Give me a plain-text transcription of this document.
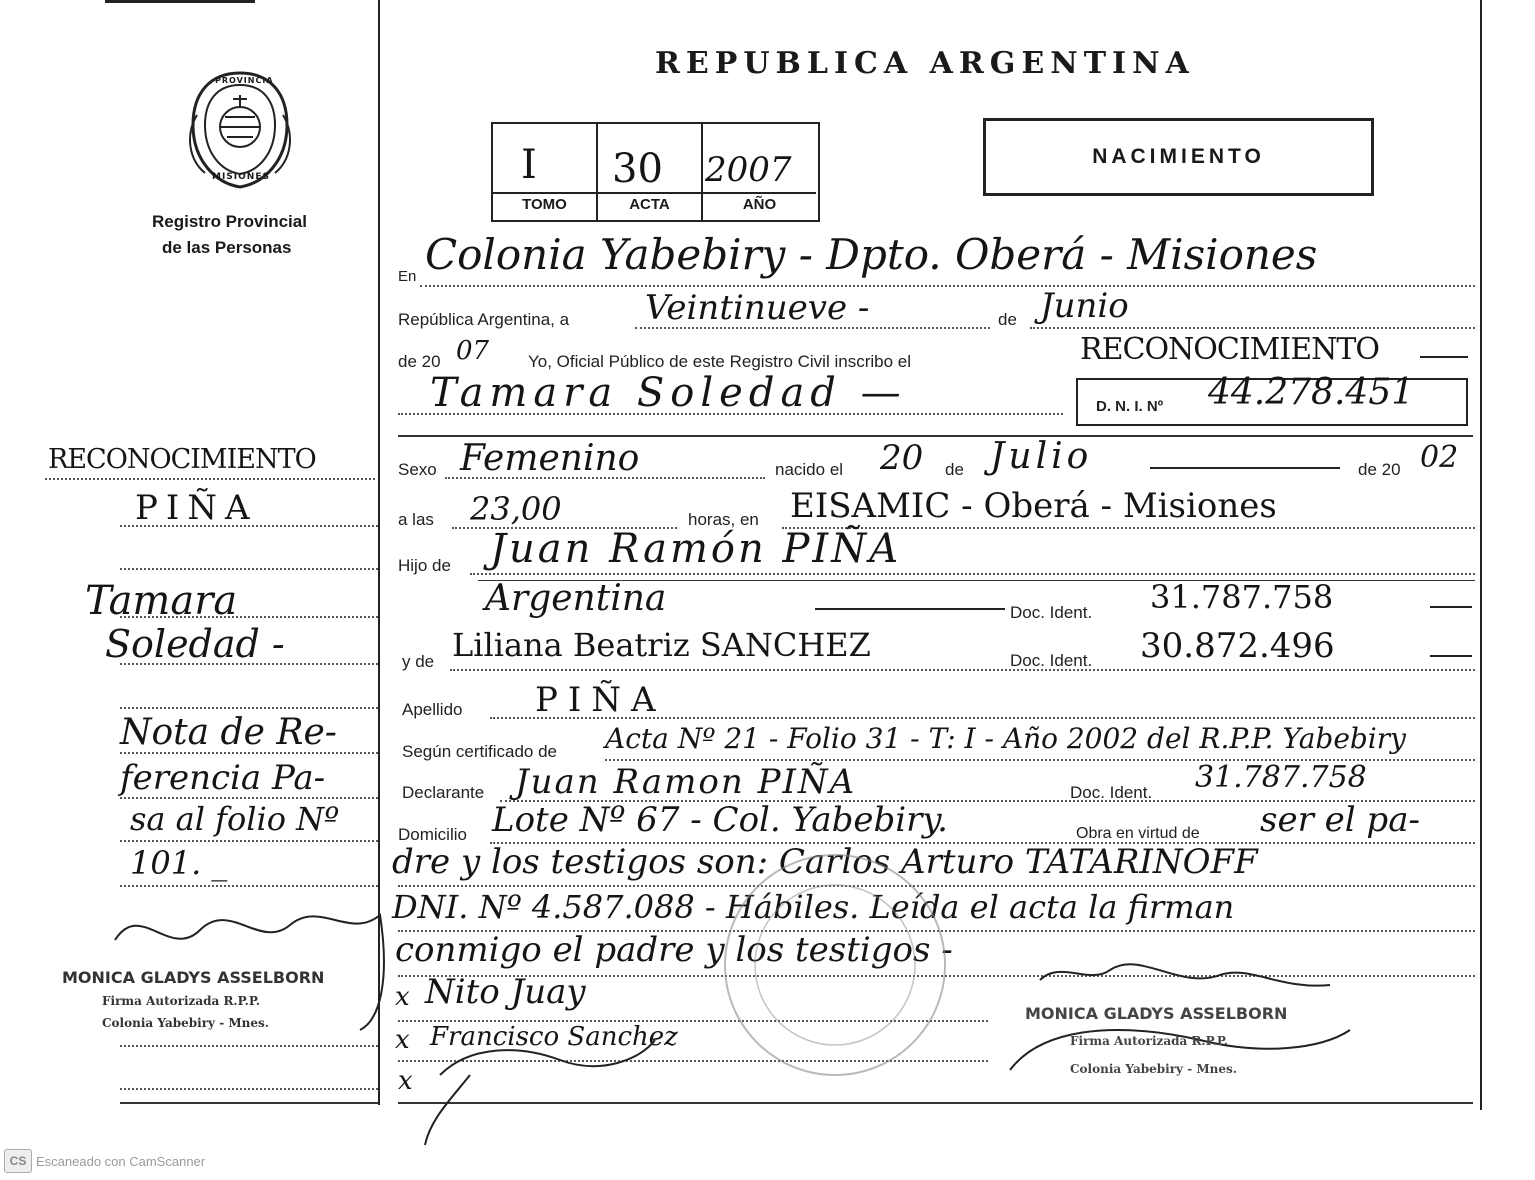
PROVINCIA
MISIONES
Registro Provincial
de las Personas
REPUBLICA ARGENTINA
I
TOMO
30
ACTA
2007
AÑO
NACIMIENTO
En Colonia Yabebiry - Dpto. Oberá - Misiones
República Argentina, a Veintinueve -	de Junio
de 20 07 Yo, Oficial Público de este Registro Civil inscribo el	RECONOCIMIENTO
Tamara Soledad —	D. N. I. Nº 44.278.451
Sexo Femenino	nacido el 20 de Julio	de 20 02
a las 23,00	horas, en EISAMIC - Oberá - Misiones
Hijo de Juan Ramón PIÑA
Argentina	Doc. Ident. 31.787.758
y de Liliana Beatriz SANCHEZ	Doc. Ident. 30.872.496
Apellido PIÑA
Según certificado de Acta Nº 21 - Folio 31 - T: I - Año 2002 del R.P.P. Yabebiry
Declarante Juan Ramon PIÑA	Doc. Ident. 31.787.758
Domicilio Lote Nº 67 - Col. Yabebiry.	Obra en virtud de ser el pa-
dre y los testigos son: Carlos Arturo TATARINOFF
DNI. Nº 4.587.088 - Hábiles. Leída el acta la firman
conmigo el padre y los testigos -
x Nito Juay
x Francisco Sanchez
x
RECONOCIMIENTO
PIÑA
Tamara
Soledad -
Nota de Re-
ferencia Pa-
sa al folio Nº
101. _
MONICA GLADYS ASSELBORN
Firma Autorizada R.P.P.
Colonia Yabebiry - Mnes.	MONICA GLADYS ASSELBORN
Firma Autorizada R.P.P.
Colonia Yabebiry - Mnes.
CS Escaneado con CamScanner
